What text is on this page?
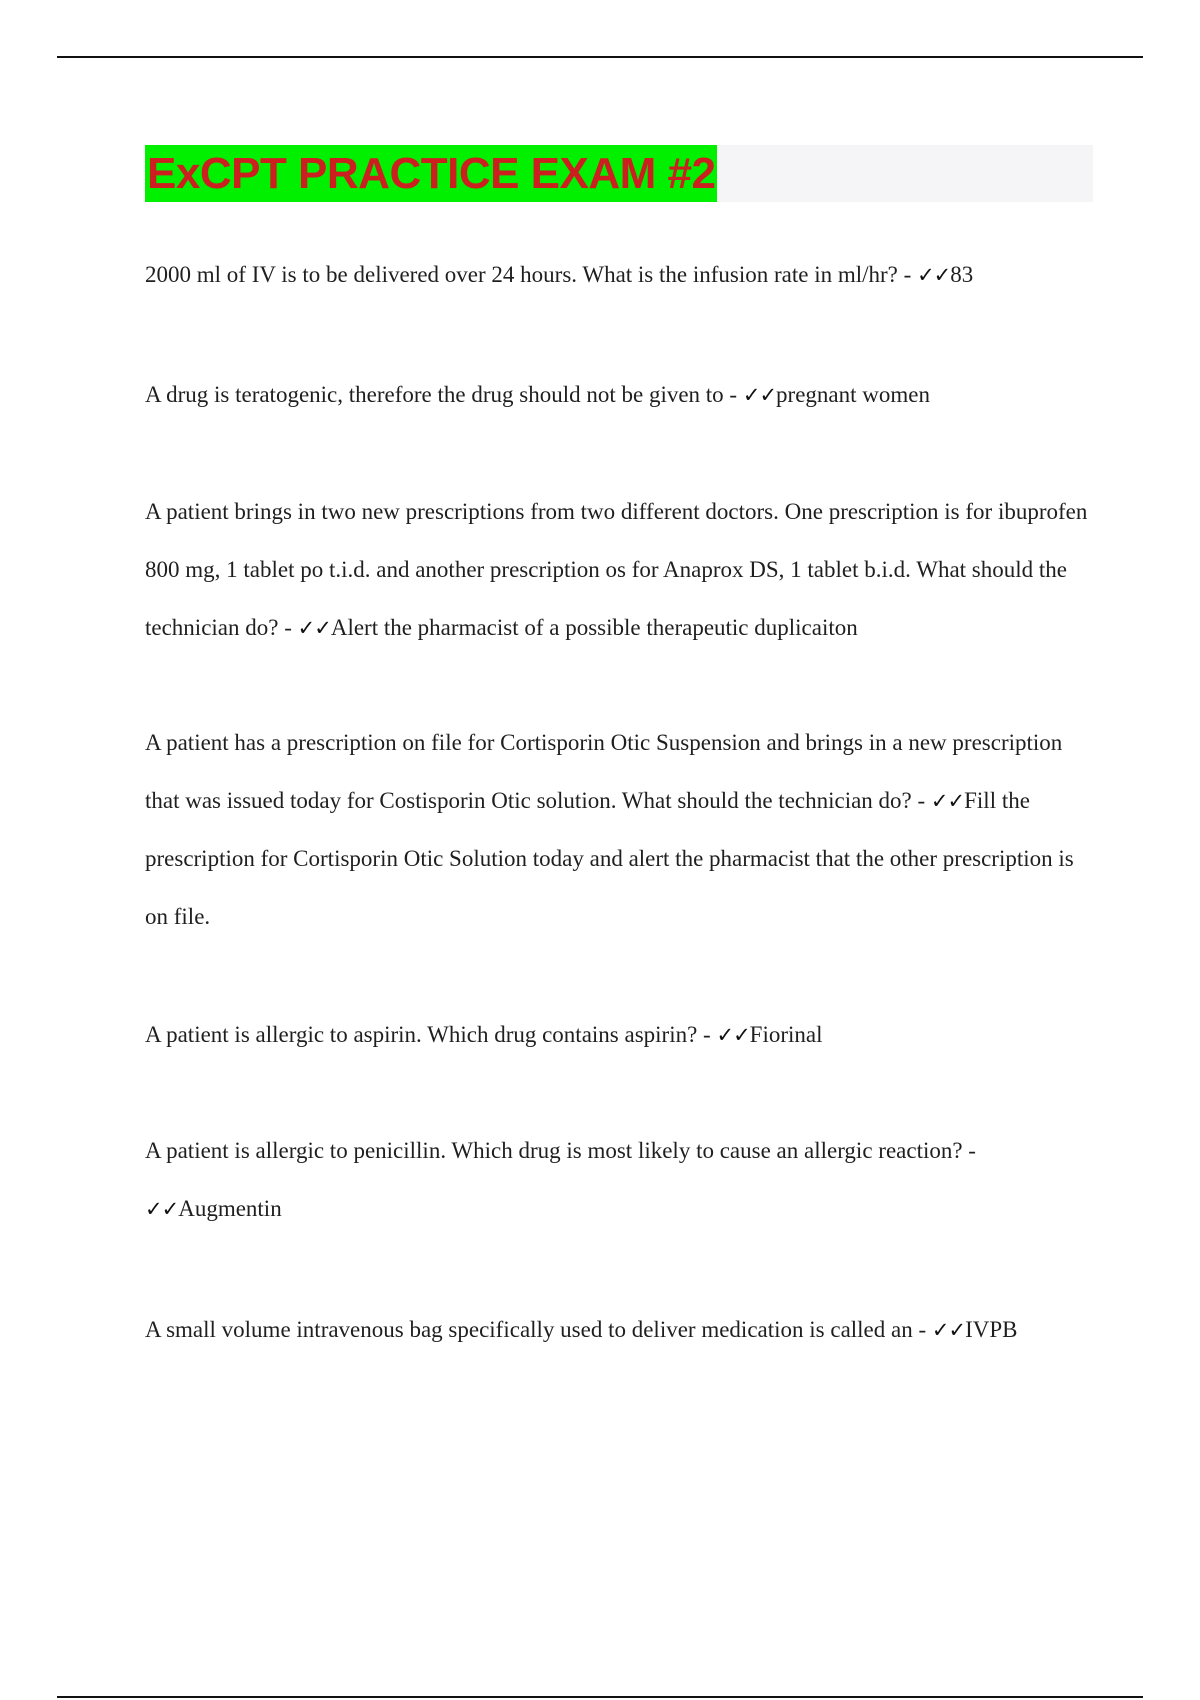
ExCPT PRACTICE EXAM #2

2000 ml of IV is to be delivered over 24 hours. What is the infusion rate in ml/hr? - ✓✓83

A drug is teratogenic, therefore the drug should not be given to - ✓✓pregnant women

A patient brings in two new prescriptions from two different doctors. One prescription is for ibuprofen 800 mg, 1 tablet po t.i.d. and another prescription os for Anaprox DS, 1 tablet b.i.d. What should the technician do? - ✓✓Alert the pharmacist of a possible therapeutic duplicaiton

A patient has a prescription on file for Cortisporin Otic Suspension and brings in a new prescription that was issued today for Costisporin Otic solution. What should the technician do? - ✓✓Fill the prescription for Cortisporin Otic Solution today and alert the pharmacist that the other prescription is on file.

A patient is allergic to aspirin. Which drug contains aspirin? - ✓✓Fiorinal

A patient is allergic to penicillin. Which drug is most likely to cause an allergic reaction? - ✓✓Augmentin

A small volume intravenous bag specifically used to deliver medication is called an - ✓✓IVPB
